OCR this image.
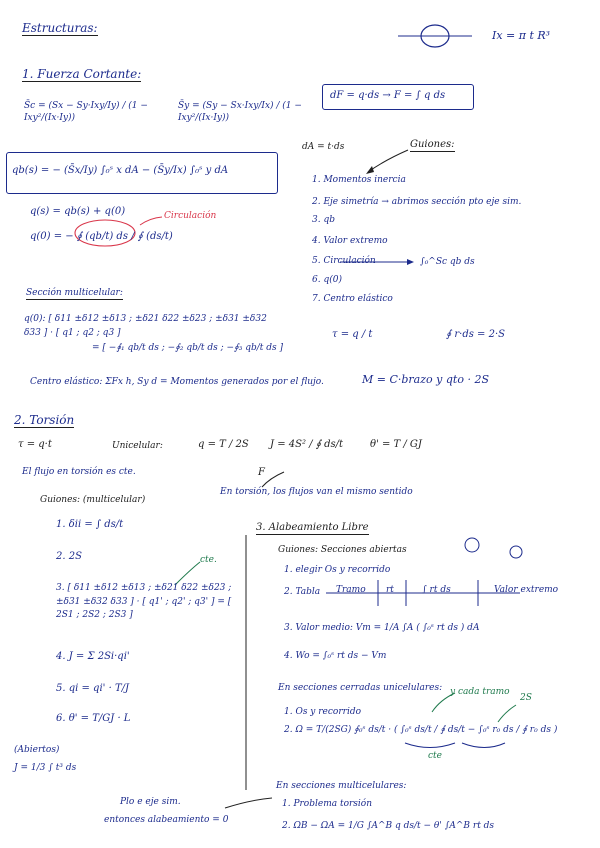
Estructuras:
Ix = π t R³
1. Fuerza Cortante:
S̄c = (Sx − Sy·Ixy/Iy) / (1 − Ixy²/(Ix·Iy))
S̄y = (Sy − Sx·Ixy/Ix) / (1 − Ixy²/(Ix·Iy))
dF = q·ds → F = ∫ q ds
qb(s) = − (S̄x/Iy) ∫₀ˢ x dA − (S̄y/Ix) ∫₀ˢ y dA
dA = t·ds	Guiones:
1. Momentos inercia
2. Eje simetría → abrimos sección pto eje sim.
3. qb
4. Valor extremo
5. Circulación
6. q(0)
7. Centro elástico
∫₀^Sc qb ds
q(s) = qb(s) + q(0)
q(0) = − ∮ (qb/t) ds / ∮ (ds/t)
Circulación
Sección multicelular:
q(0): [ δ11 ±δ12 ±δ13 ; ±δ21 δ22 ±δ23 ; ±δ31 ±δ32 δ33 ] · [ q1 ; q2 ; q3 ]
= [ −∮₁ qb/t ds ; −∮₂ qb/t ds ; −∮₃ qb/t ds ]
τ = q / t	∮ r·ds = 2·S
Centro elástico: ΣFx h, Sy d = Momentos generados por el flujo.	M = C·brazo y qto · 2S
2. Torsión
τ = q·t	Unicelular:	q = T / 2S J = 4S² / ∮ ds/t	θ' = T / GJ
El flujo en torsión es cte.	F
En torsión, los flujos van el mismo sentido
Guiones: (multicelular)
1. δii = ∫ ds/t
2. 2S
3. [ δ11 ±δ12 ±δ13 ; ±δ21 δ22 ±δ23 ; ±δ31 ±δ32 δ33 ] · [ q1' ; q2' ; q3' ] = [ 2S1 ; 2S2 ; 2S3 ]
cte.
4. J = Σ 2Si·qi'
5. qi = qi' · T/J
6. θ' = T/GJ · L
(Abiertos)
J = 1/3 ∫ t³ ds
Plo e eje sim.
entonces alabeamiento = 0
3. Alabeamiento Libre
Guiones: Secciones abiertas
1. elegir Os y recorrido
2. Tabla Tramo rt	∫ rt ds	Valor extremo
3. Valor medio: Vm = 1/A ∫A ( ∫₀ˢ rt ds ) dA
4. Wo = ∫₀ˢ rt ds − Vm
En secciones cerradas unicelulares: y cada tramo
2S
1. Os y recorrido
2. Ω = T/(2SG) ∮₀ˢ ds/t · ( ∫₀ˢ ds/t / ∮ ds/t − ∫₀ˢ r₀ ds / ∮ r₀ ds )
cte
En secciones multicelulares:
1. Problema torsión
2. ΩB − ΩA = 1/G ∫A^B q ds/t − θ' ∫A^B rt ds
